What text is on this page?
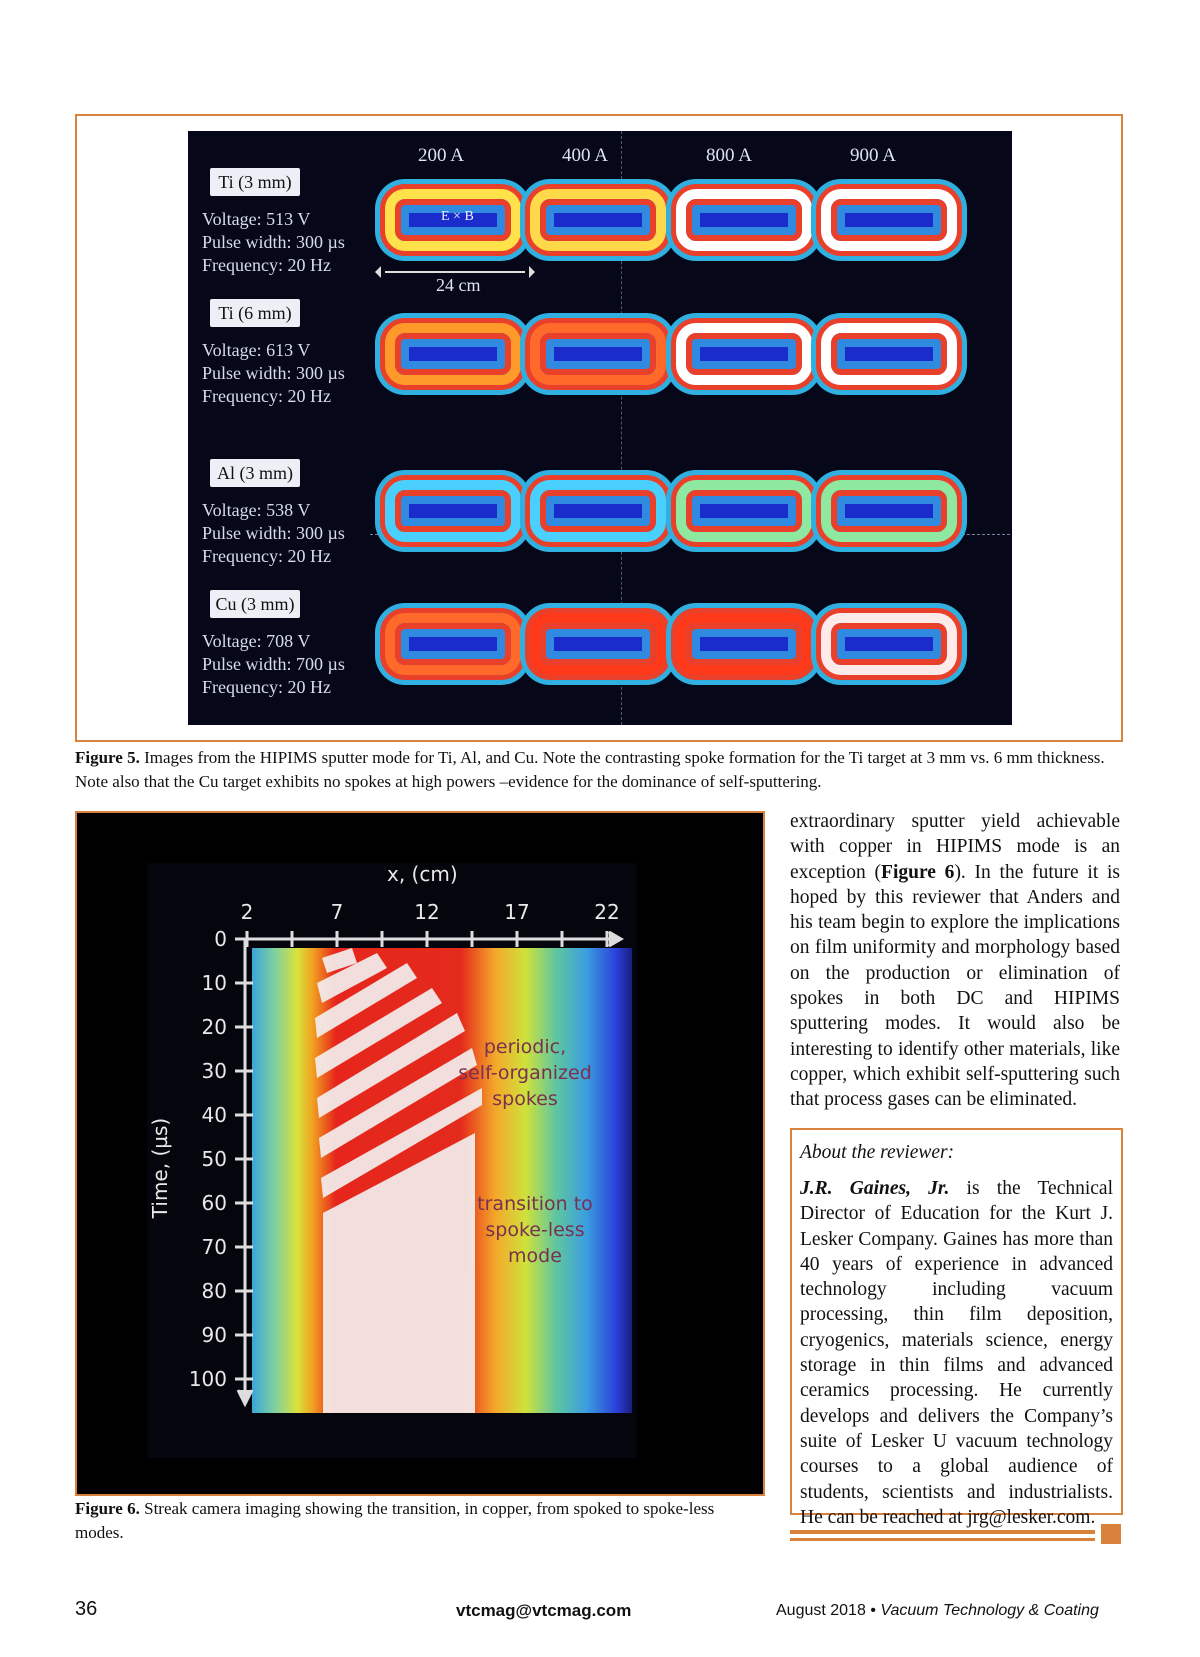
200 A	400 A	800 A	900 A
Ti (3 mm)
Voltage: 513 V
Pulse width: 300 µs
Frequency: 20 Hz
Ti (6 mm)
Voltage: 613 V
Pulse width: 300 µs
Frequency: 20 Hz
Al (3 mm)
Voltage: 538 V
Pulse width: 300 µs
Frequency: 20 Hz
Cu (3 mm)
Voltage: 708 V
Pulse width: 700 µs
Frequency: 20 Hz
24 cm
E × B
Figure 5. Images from the HIPIMS sputter mode for Ti, Al, and Cu. Note the contrasting spoke formation for the Ti target at 3 mm vs. 6 mm thickness. Note also that the Cu target exhibits no spokes at high powers –evidence for the dominance of self-sputtering.
2	7	12	17	22
0
10
20
30
40
50
60
70
80
90
100
x, (cm)
Time, (µs)
periodic,
self-organized
spokes
transition to
spoke-less
mode
Figure 6. Streak camera imaging showing the transition, in copper, from spoked to spoke-less modes.
extraordinary sputter yield achievable with copper in HIPIMS mode is an exception (Figure 6). In the future it is hoped by this reviewer that Anders and his team begin to explore the implications on film uniformity and morphology based on the production or elimination of spokes in both DC and HIPIMS sputtering modes. It would also be interesting to identify other materials, like copper, which exhibit self-sputtering such that process gases can be eliminated.
About the reviewer:
J.R. Gaines, Jr. is the Technical Director of Education for the Kurt J. Lesker Company. Gaines has more than 40 years of experience in advanced technology including vacuum processing, thin film deposition, cryogenics, materials science, energy storage in thin films and advanced ceramics processing. He currently develops and delivers the Company’s suite of Lesker U vacuum technology courses to a global audience of students, scientists and industrialists. He can be reached at jrg@lesker.com.
36	vtcmag@vtcmag.com	August 2018 • Vacuum Technology & Coating
